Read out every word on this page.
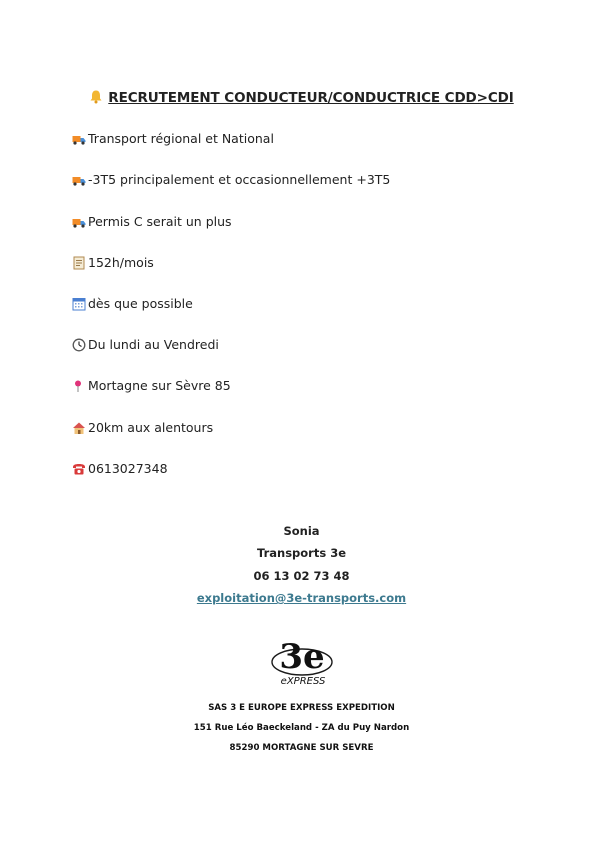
RECRUTEMENT CONDUCTEUR/CONDUCTRICE CDD>CDI
Transport régional et National
-3T5 principalement et occasionnellement +3T5
Permis C serait un plus
152h/mois
dès que possible
Du lundi au Vendredi
Mortagne sur Sèvre 85
20km aux alentours
0613027348
Sonia
Transports 3e
06 13 02 73 48
exploitation@3e-transports.com
3e
eXPRESS
SAS 3 E EUROPE EXPRESS EXPEDITION
151 Rue Léo Baeckeland - ZA du Puy Nardon
85290 MORTAGNE SUR SEVRE
